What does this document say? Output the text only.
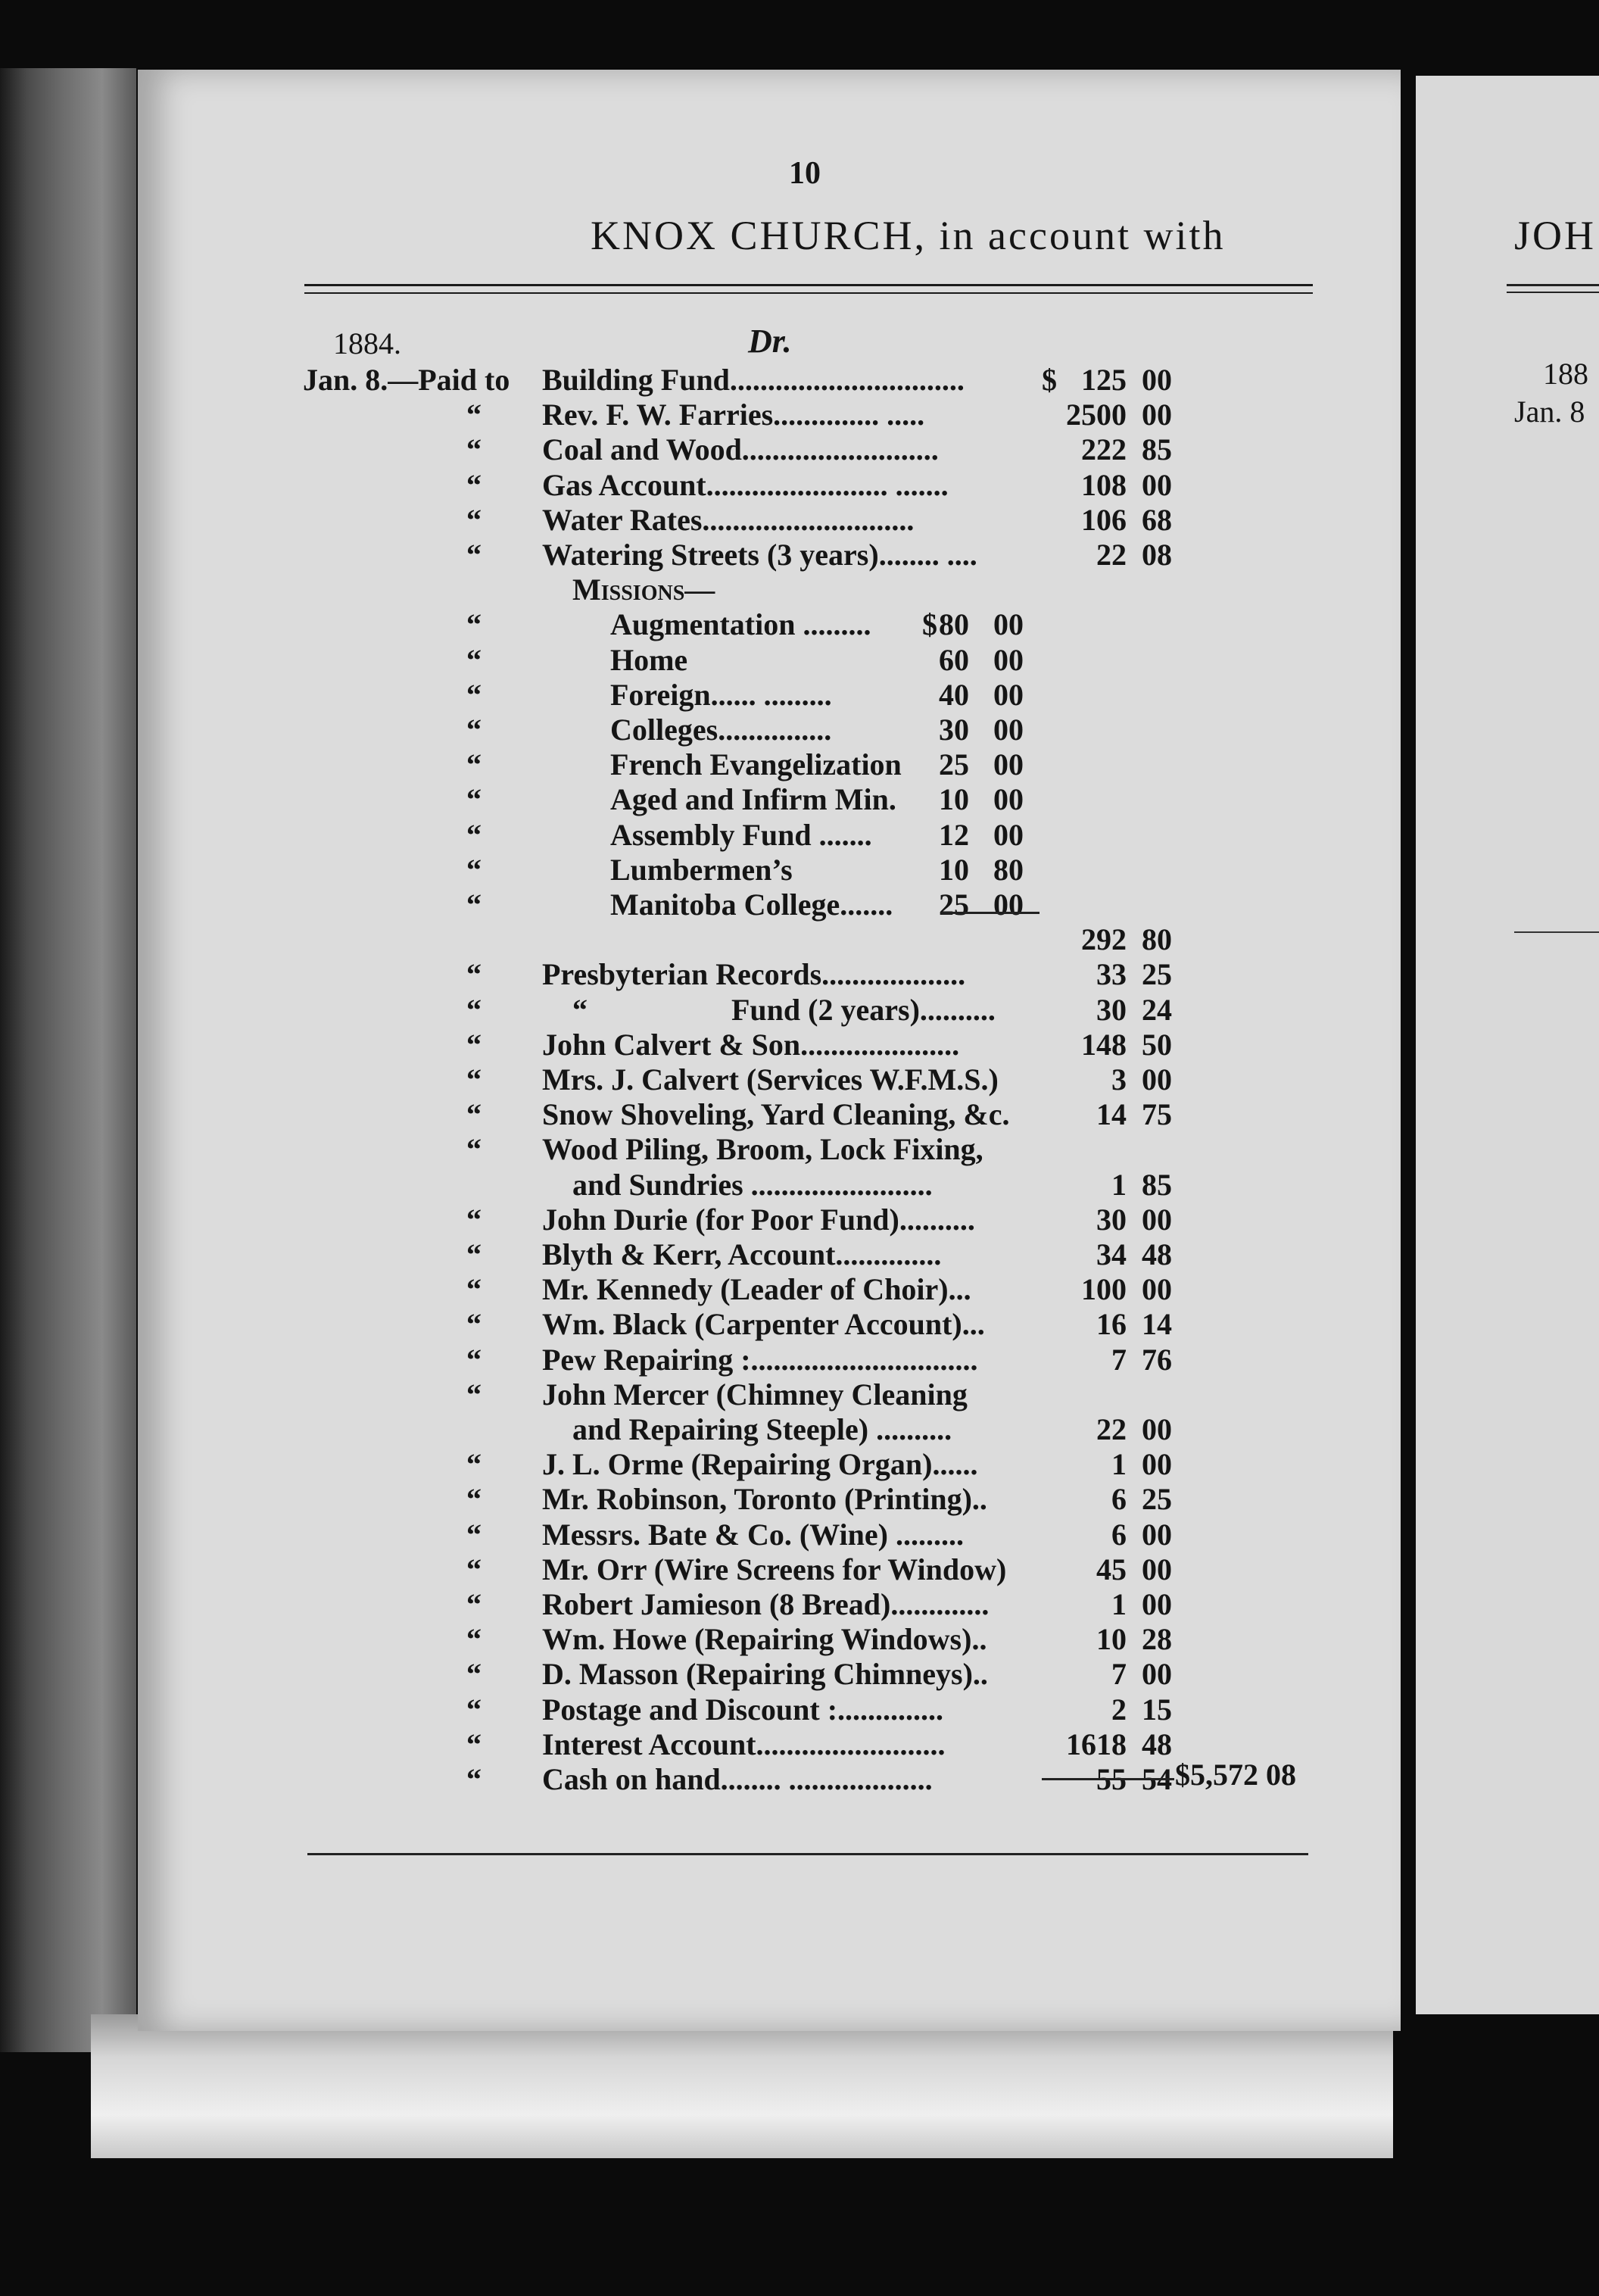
JOH
188
Jan. 8
10
KNOX CHURCH, in account with
1884.	Dr.
Jan. 8.—Paid to Building Fund...............................	$ 125 00
“ Rev. F. W. Farries.............. .....	2500 00
“ Coal and Wood..........................	222 85
“ Gas Account........................ .......	108 00
“ Water Rates............................	106 68
“ Watering Streets (3 years)........ ....	22 08
Missions—
“	Augmentation ......... $ 80 00
“	Home	60 00
“	Foreign...... .........	40 00
“	Colleges...............	30 00
“	French Evangelization	25 00
“	Aged and Infirm Min.	10 00
“	Assembly Fund .......	12 00
“	Lumbermen’s	10 80
“	Manitoba College.......	25 00
292 80
“ Presbyterian Records...................	33 25
“	“	Fund (2 years)..........	30 24
“ John Calvert & Son.....................	148 50
“ Mrs. J. Calvert (Services W.F.M.S.)	3 00
“ Snow Shoveling, Yard Cleaning, &c.	14 75
“ Wood Piling, Broom, Lock Fixing,
and Sundries ........................	1 85
“ John Durie (for Poor Fund)..........	30 00
“ Blyth & Kerr, Account..............	34 48
“ Mr. Kennedy (Leader of Choir)...	100 00
“ Wm. Black (Carpenter Account)...	16 14
“ Pew Repairing :..............................	7 76
“ John Mercer (Chimney Cleaning
and Repairing Steeple) ..........	22 00
“ J. L. Orme (Repairing Organ)......	1 00
“ Mr. Robinson, Toronto (Printing)..	6 25
“ Messrs. Bate & Co. (Wine) .........	6 00
“ Mr. Orr (Wire Screens for Window)	45 00
“ Robert Jamieson (8 Bread).............	1 00
“ Wm. Howe (Repairing Windows)..	10 28
“ D. Masson (Repairing Chimneys)..	7 00
“ Postage and Discount :..............	2 15
“ Interest Account.........................	1618 48
“ Cash on hand........ ...................	55 54 $5,572 08
